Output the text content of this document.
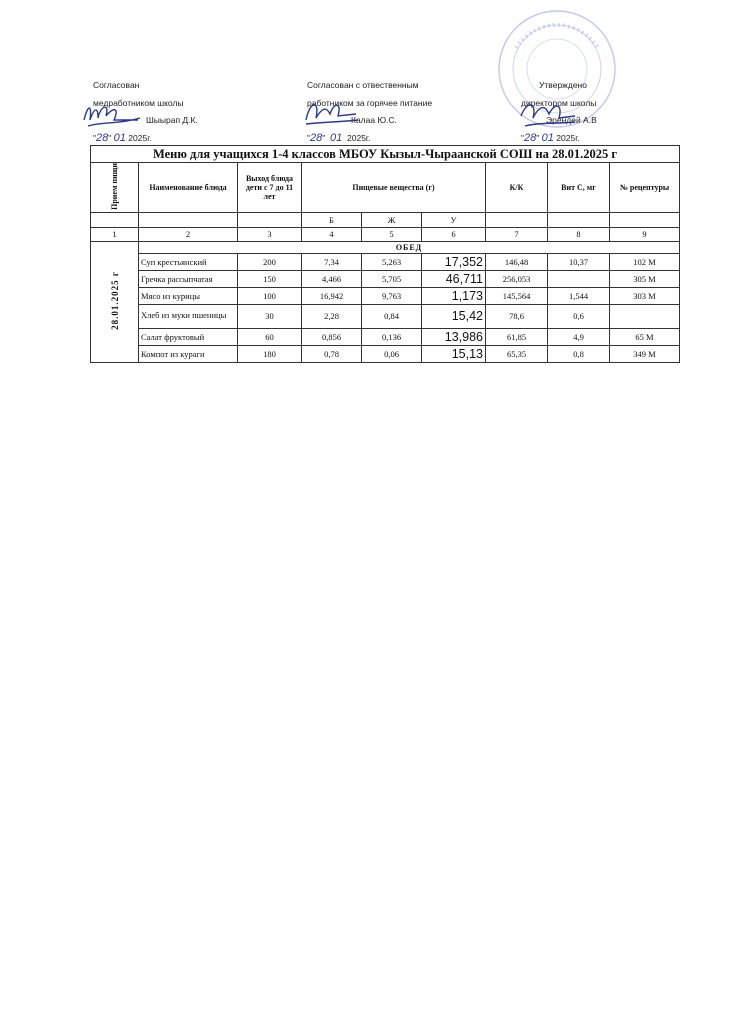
Согласован
медработником школы
Шыырап Д.К.
"28" 01 2025г.
Согласован с отвественным
работником за горячее питание
Калаа Ю.С.
"28"  01 2025г.
Утверждено
директором школы
Эрендей А.В
"28" 01 2025г.
Меню для учащихся 1-4 классов МБОУ Кызыл-Чыраанской СОШ на 28.01.2025 г								
Прием пищи	Наименование блюда	Выход блюда дети с 7 до 11 лет	Пищевые вещества (г)			К/К	Вит С, мг	№ рецептуры
			Б	Ж	У			
1	2	3	4	5	6	7	8	9
28.01.2025 г	ОБЕД							
	Суп крестьянский	200	7,34	5,263	17,352	146,48	10,37	102 М
	Гречка рассыпчатая	150	4,466	5,705	46,711	256,053		305 М
	Мясо из курицы	100	16,942	9,763	1,173	145,564	1,544	303 М
	Хлеб из муки пшеницы	30	2,28	0,84	15,42	78,6	0,6	
	Салат фруктовый	60	0,856	0,136	13,986	61,85	4,9	65 М
	Компот из кураги	180	0,78	0,06	15,13	65,35	0,8	349 М
